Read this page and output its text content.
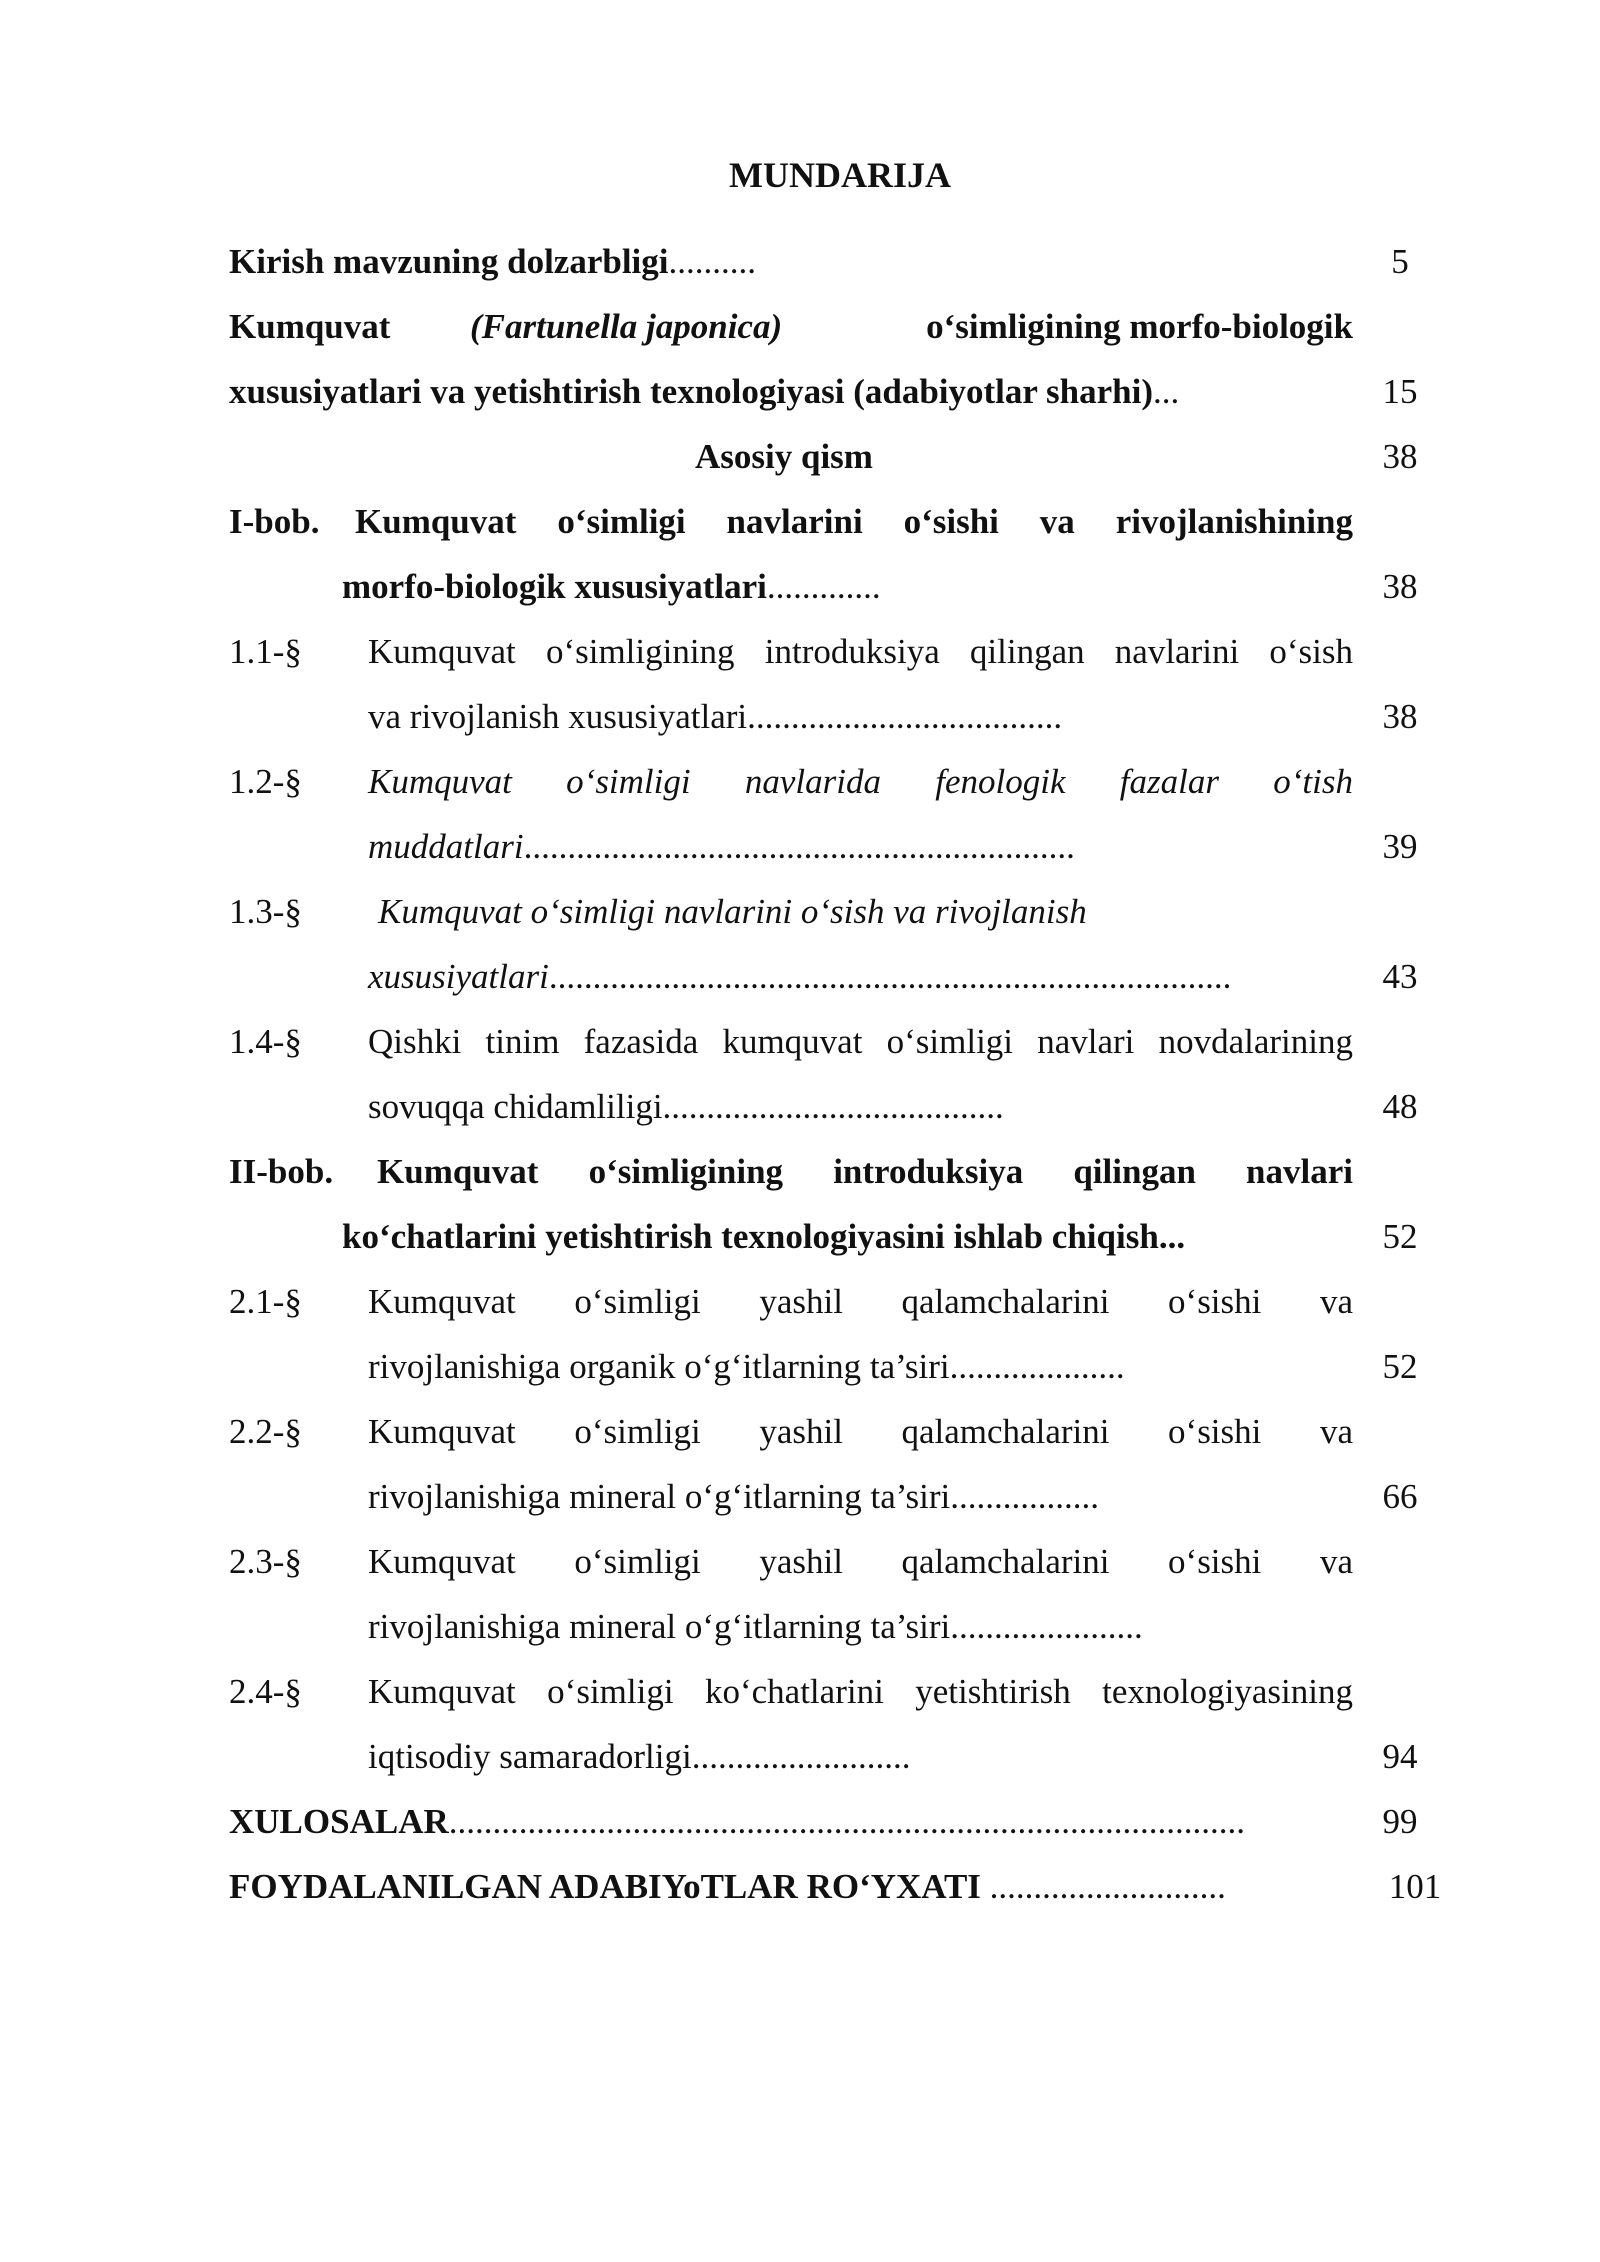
MUNDARIJA
Kirish mavzuning dolzarbligi..........	5
Kumquvat (Fartunella japonica)	o‘simligining morfo-biologik
xususiyatlari va yetishtirish texnologiyasi (adabiyotlar sharhi)...	15
Asosiy qism	38
I-bob. Kumquvat o‘simligi navlarini o‘sishi va rivojlanishining
morfo-biologik xususiyatlari.............	38
1.1-§ Kumquvat o‘simligining introduksiya qilingan navlarini o‘sish
va rivojlanish xususiyatlari....................................	38
1.2-§ Kumquvat o‘simligi navlarida fenologik fazalar o‘tish
muddatlari...............................................................	39
1.3-§ Kumquvat o‘simligi navlarini o‘sish va rivojlanish
xususiyatlari..............................................................................	43
1.4-§ Qishki tinim fazasida kumquvat o‘simligi navlari novdalarining
sovuqqa chidamliligi.......................................	48
II-bob. Kumquvat o‘simligining introduksiya qilingan navlari
ko‘chatlarini yetishtirish texnologiyasini ishlab chiqish...	52
2.1-§ Kumquvat o‘simligi yashil qalamchalarini o‘sishi va
rivojlanishiga organik o‘g‘itlarning ta’siri....................	52
2.2-§ Kumquvat o‘simligi yashil qalamchalarini o‘sishi va
rivojlanishiga mineral o‘g‘itlarning ta’siri.................	66
2.3-§ Kumquvat o‘simligi yashil qalamchalarini o‘sishi va
rivojlanishiga mineral o‘g‘itlarning ta’siri......................
2.4-§ Kumquvat o‘simligi ko‘chatlarini yetishtirish texnologiyasining
iqtisodiy samaradorligi.........................	94
XULOSALAR...........................................................................................	99
FOYDALANILGAN ADABIYoTLAR RO‘YXATI ...........................	101
